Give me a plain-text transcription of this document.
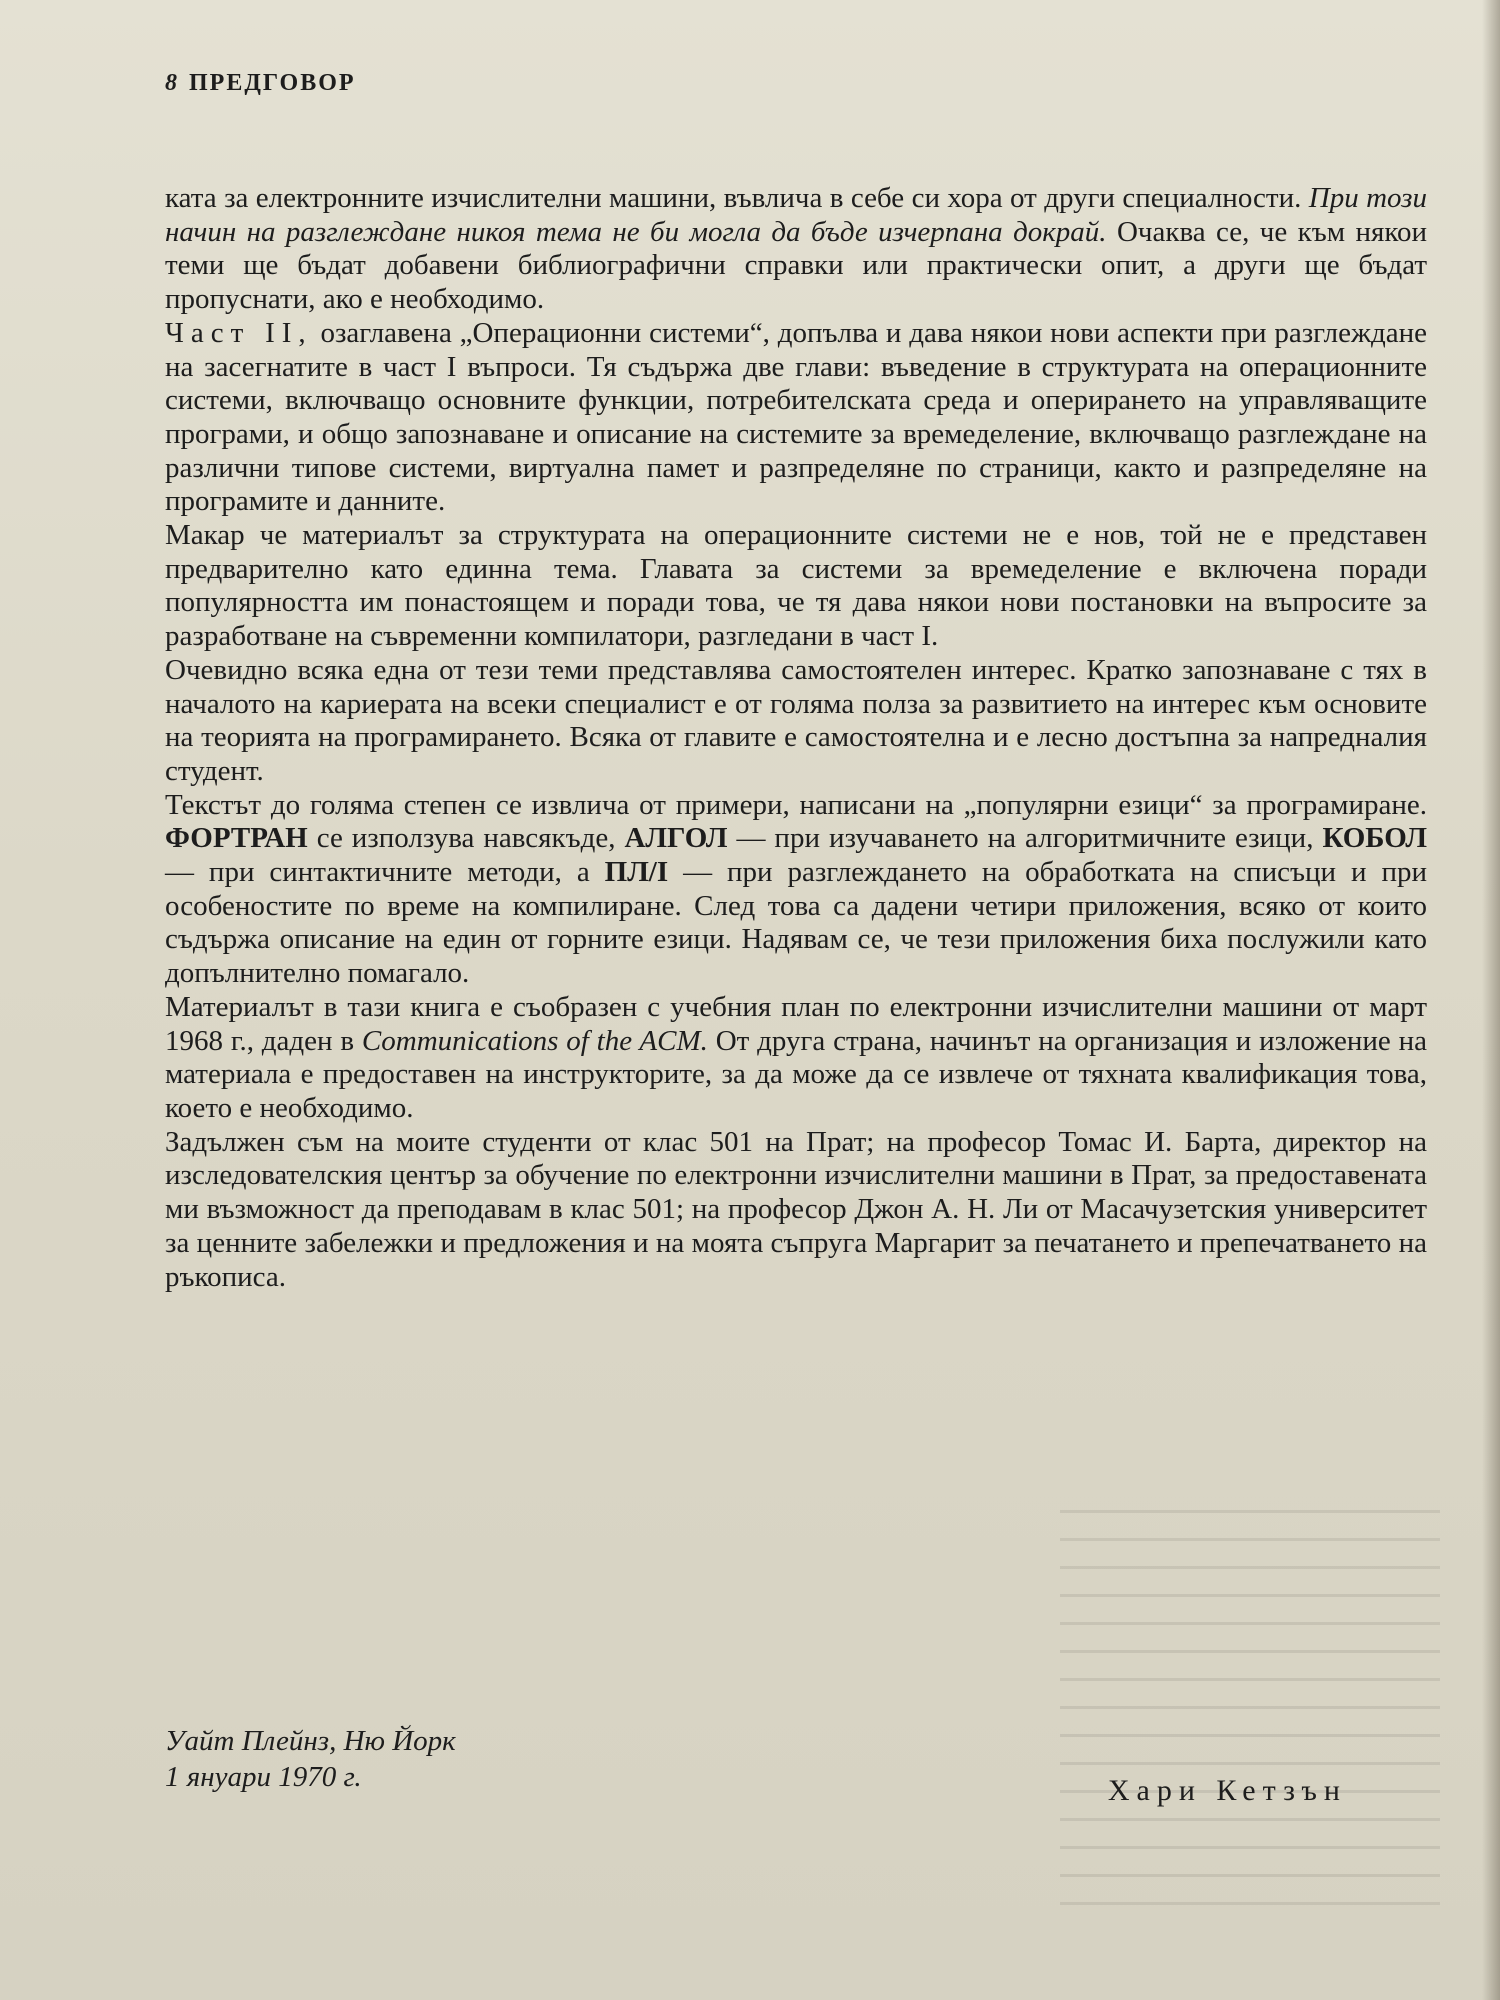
8 ПРЕДГОВОР

ката за електронните изчислителни машини, въвлича в себе си хора от други специалности. При този начин на разглеждане никоя тема не би могла да бъде изчерпана докрай. Очаква се, че към някои теми ще бъдат добавени библиографични справки или практически опит, а други ще бъдат пропуснати, ако е необходимо.

Част II, озаглавена „Операционни системи“, допълва и дава някои нови аспекти при разглеждане на засегнатите в част I въпроси. Тя съдържа две глави: въведение в структурата на операционните системи, включващо основните функции, потребителската среда и оперирането на управляващите програми, и общо запознаване и описание на системите за времеделение, включващо разглеждане на различни типове системи, виртуална памет и разпределяне по страници, както и разпределяне на програмите и данните.

Макар че материалът за структурата на операционните системи не е нов, той не е представен предварително като единна тема. Главата за системи за времеделение е включена поради популярността им понастоящем и поради това, че тя дава някои нови постановки на въпросите за разработване на съвременни компилатори, разгледани в част I.

Очевидно всяка една от тези теми представлява самостоятелен интерес. Кратко запознаване с тях в началото на кариерата на всеки специалист е от голяма полза за развитието на интерес към основите на теорията на програмирането. Всяка от главите е самостоятелна и е лесно достъпна за напредналия студент.

Текстът до голяма степен се извлича от примери, написани на „популярни езици“ за програмиране. ФОРТРАН се използува навсякъде, АЛГОЛ — при изучаването на алгоритмичните езици, КОБОЛ — при синтактичните методи, а ПЛ/I — при разглеждането на обработката на списъци и при особеностите по време на компилиране. След това са дадени четири приложения, всяко от които съдържа описание на един от горните езици. Надявам се, че тези приложения биха послужили като допълнително помагало.

Материалът в тази книга е съобразен с учебния план по електронни изчислителни машини от март 1968 г., даден в Communications of the ACM. От друга страна, начинът на организация и изложение на материала е предоставен на инструкторите, за да може да се извлече от тяхната квалификация това, което е необходимо.

Задължен съм на моите студенти от клас 501 на Прат; на професор Томас И. Барта, директор на изследователския център за обучение по електронни изчислителни машини в Прат, за предоставената ми възможност да преподавам в клас 501; на професор Джон А. Н. Ли от Масачузетския университет за ценните забележки и предложения и на моята съпруга Маргарит за печатането и препечатването на ръкописа.

Уайт Плейнз, Ню Йорк
1 януари 1970 г.	Хари Кетзън
